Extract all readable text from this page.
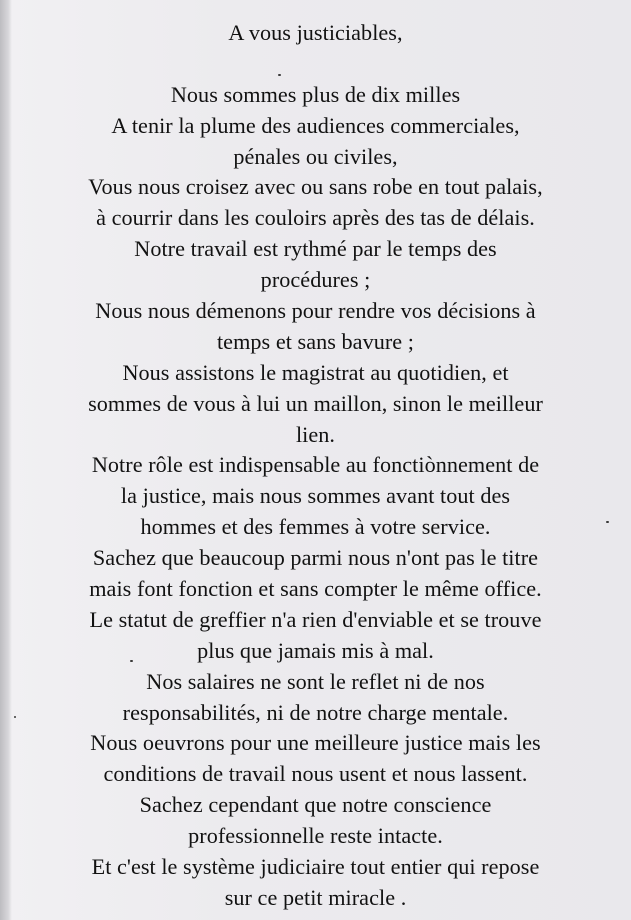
A vous justiciables,
Nous sommes plus de dix milles
A tenir la plume des audiences commerciales,
pénales ou civiles,
Vous nous croisez avec ou sans robe en tout palais,
à courrir dans les couloirs après des tas de délais.
Notre travail est rythmé par le temps des
procédures ;
Nous nous démenons pour rendre vos décisions à
temps et sans bavure ;
Nous assistons le magistrat au quotidien, et
sommes de vous à lui un maillon, sinon le meilleur
lien.
Notre rôle est indispensable au fonctiònnement de
la justice, mais nous sommes avant tout des
hommes et des femmes à votre service.
Sachez que beaucoup parmi nous n'ont pas le titre
mais font fonction et sans compter le même office.
Le statut de greffier n'a rien d'enviable et se trouve
plus que jamais mis à mal.
Nos salaires ne sont le reflet ni de nos
responsabilités, ni de notre charge mentale.
Nous oeuvrons pour une meilleure justice mais les
conditions de travail nous usent et nous lassent.
Sachez cependant que notre conscience
professionnelle reste intacte.
Et c'est le système judiciaire tout entier qui repose
sur ce petit miracle .
